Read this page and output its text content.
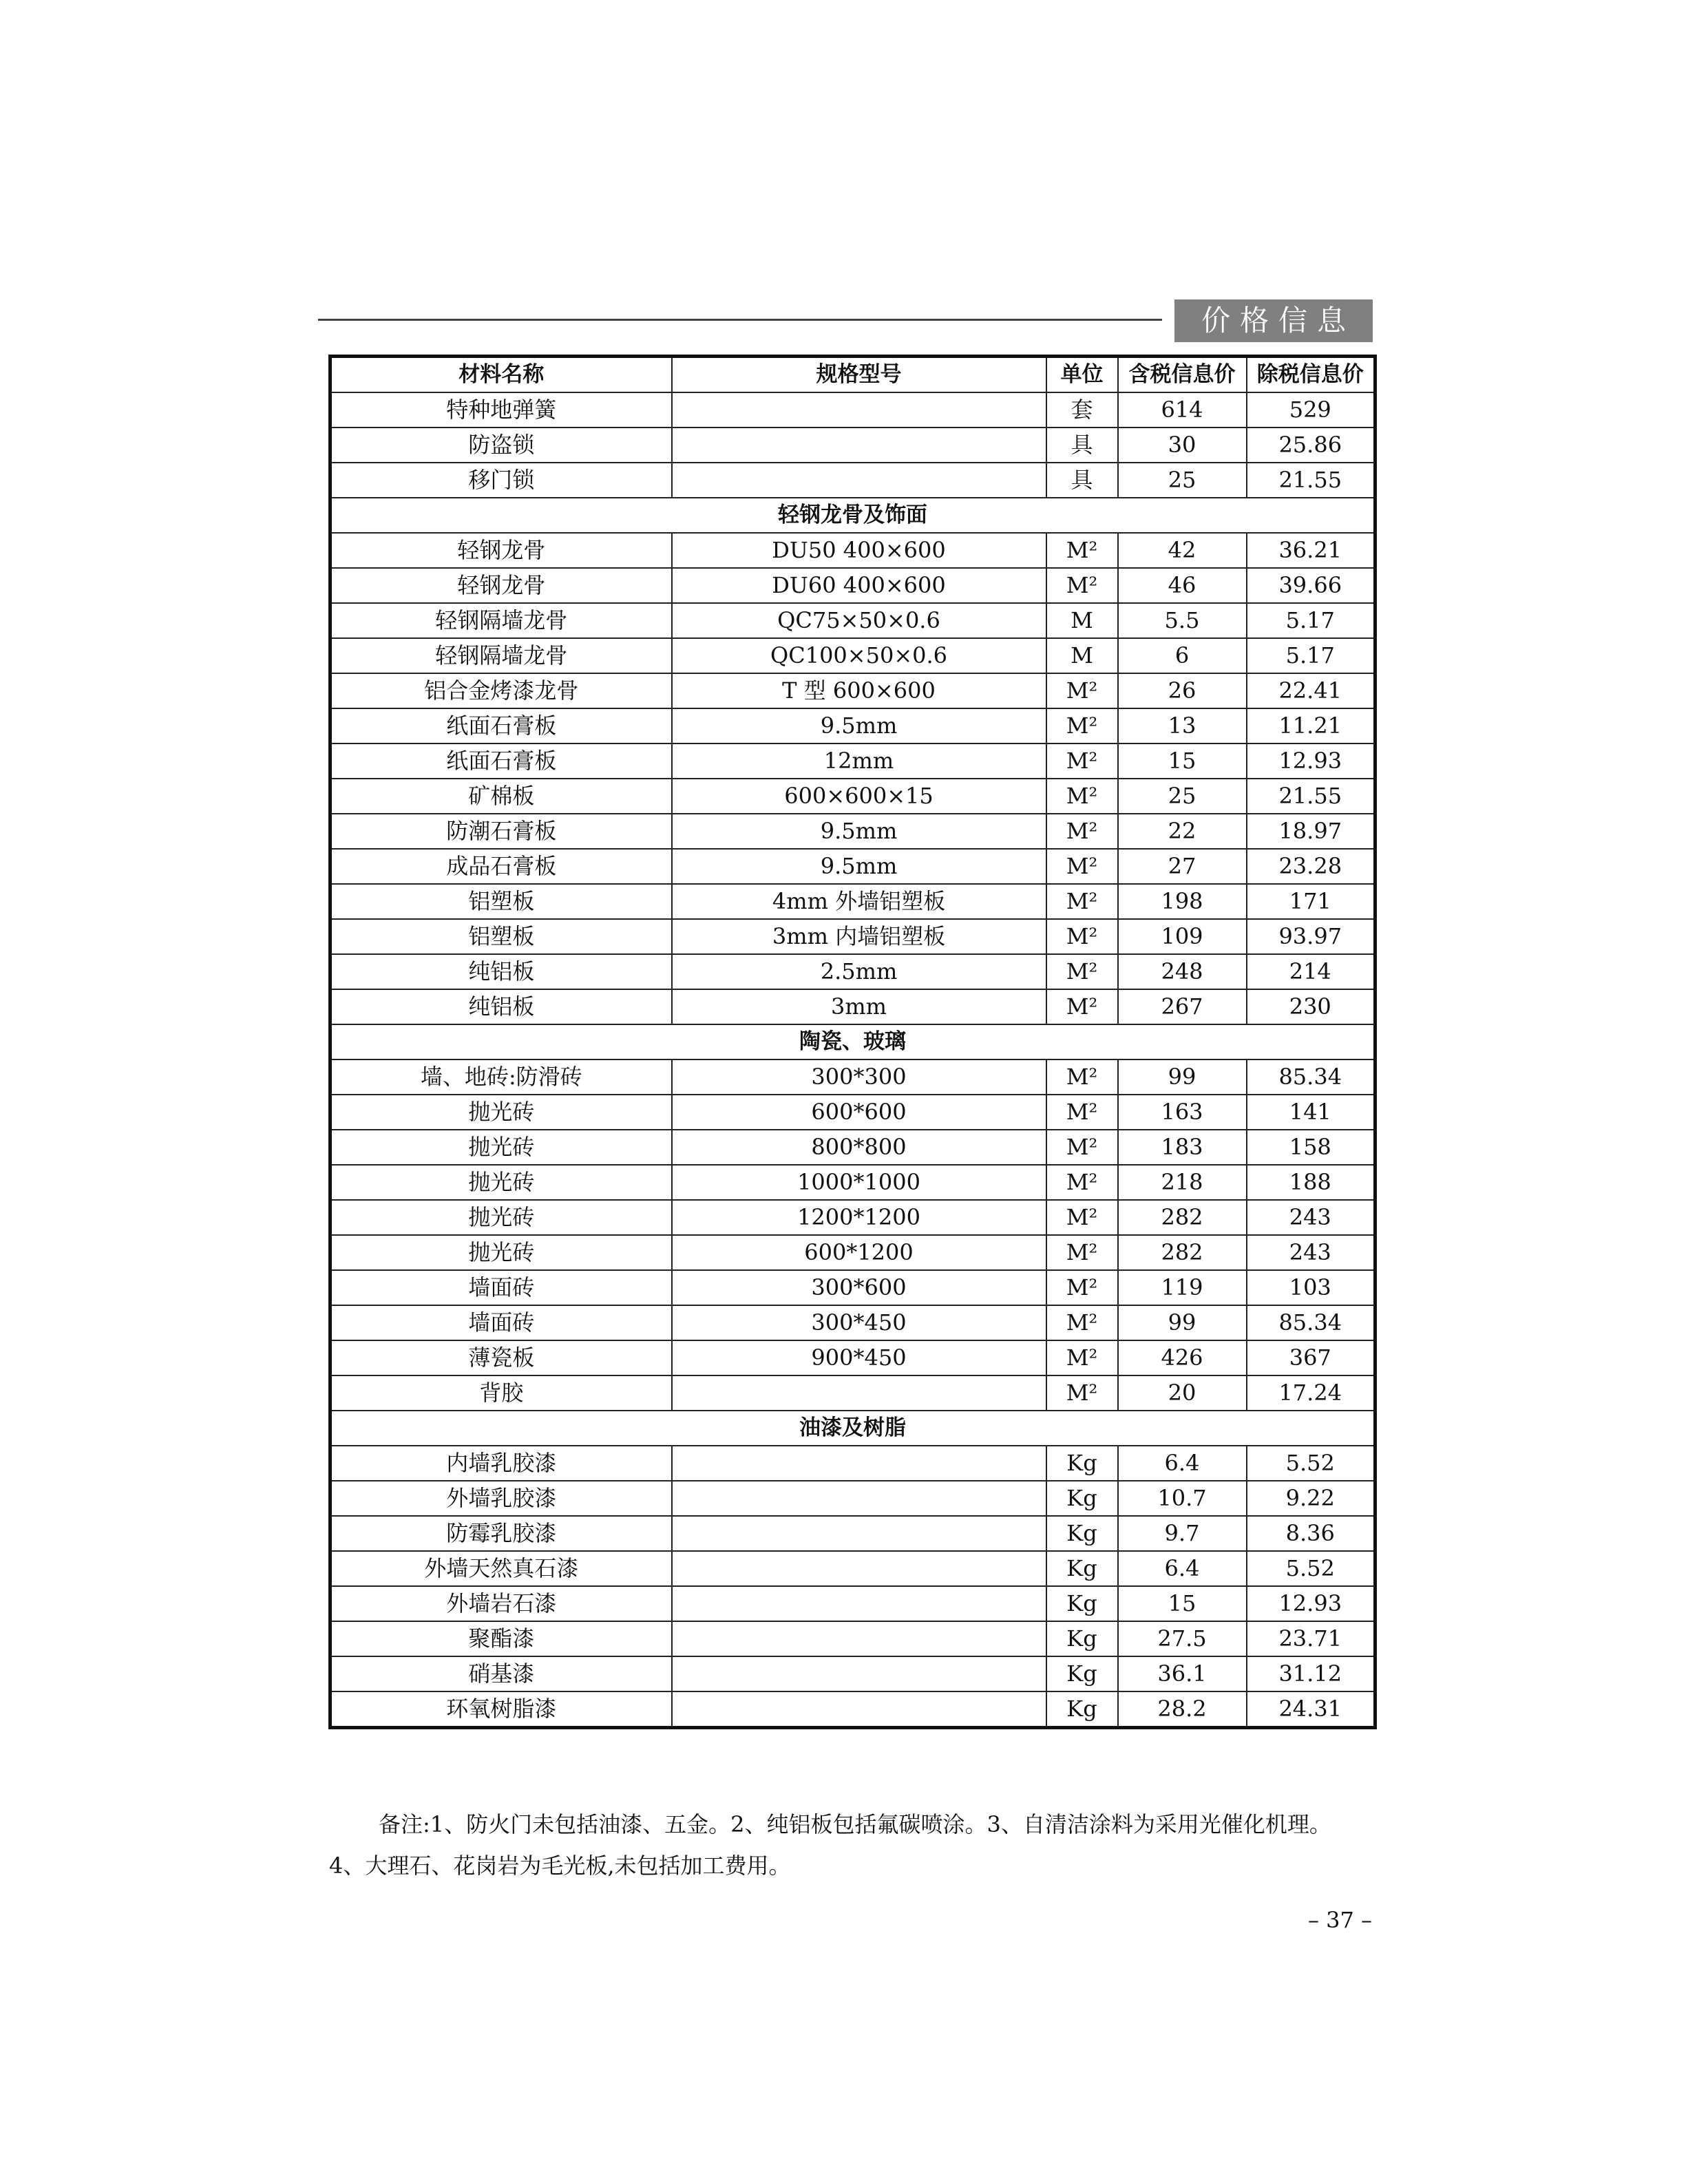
价格信息
材料名称	规格型号	单位	含税信息价	除税信息价
特种地弹簧		套	614	529
防盗锁		具	30	25.86
移门锁		具	25	21.55
轻钢龙骨及饰面				
轻钢龙骨	DU50 400×600	M²	42	36.21
轻钢龙骨	DU60 400×600	M²	46	39.66
轻钢隔墙龙骨	QC75×50×0.6	M	5.5	5.17
轻钢隔墙龙骨	QC100×50×0.6	M	6	5.17
铝合金烤漆龙骨	T 型 600×600	M²	26	22.41
纸面石膏板	9.5mm	M²	13	11.21
纸面石膏板	12mm	M²	15	12.93
矿棉板	600×600×15	M²	25	21.55
防潮石膏板	9.5mm	M²	22	18.97
成品石膏板	9.5mm	M²	27	23.28
铝塑板	4mm 外墙铝塑板	M²	198	171
铝塑板	3mm 内墙铝塑板	M²	109	93.97
纯铝板	2.5mm	M²	248	214
纯铝板	3mm	M²	267	230
陶瓷、玻璃				
墙、地砖:防滑砖	300*300	M²	99	85.34
抛光砖	600*600	M²	163	141
抛光砖	800*800	M²	183	158
抛光砖	1000*1000	M²	218	188
抛光砖	1200*1200	M²	282	243
抛光砖	600*1200	M²	282	243
墙面砖	300*600	M²	119	103
墙面砖	300*450	M²	99	85.34
薄瓷板	900*450	M²	426	367
背胶		M²	20	17.24
油漆及树脂				
内墙乳胶漆		Kg	6.4	5.52
外墙乳胶漆		Kg	10.7	9.22
防霉乳胶漆		Kg	9.7	8.36
外墙天然真石漆		Kg	6.4	5.52
外墙岩石漆		Kg	15	12.93
聚酯漆		Kg	27.5	23.71
硝基漆		Kg	36.1	31.12
环氧树脂漆		Kg	28.2	24.31
备注:1、防火门未包括油漆、五金。2、纯铝板包括氟碳喷涂。3、自清洁涂料为采用光催化机理。
4、大理石、花岗岩为毛光板,未包括加工费用。
– 37 –
